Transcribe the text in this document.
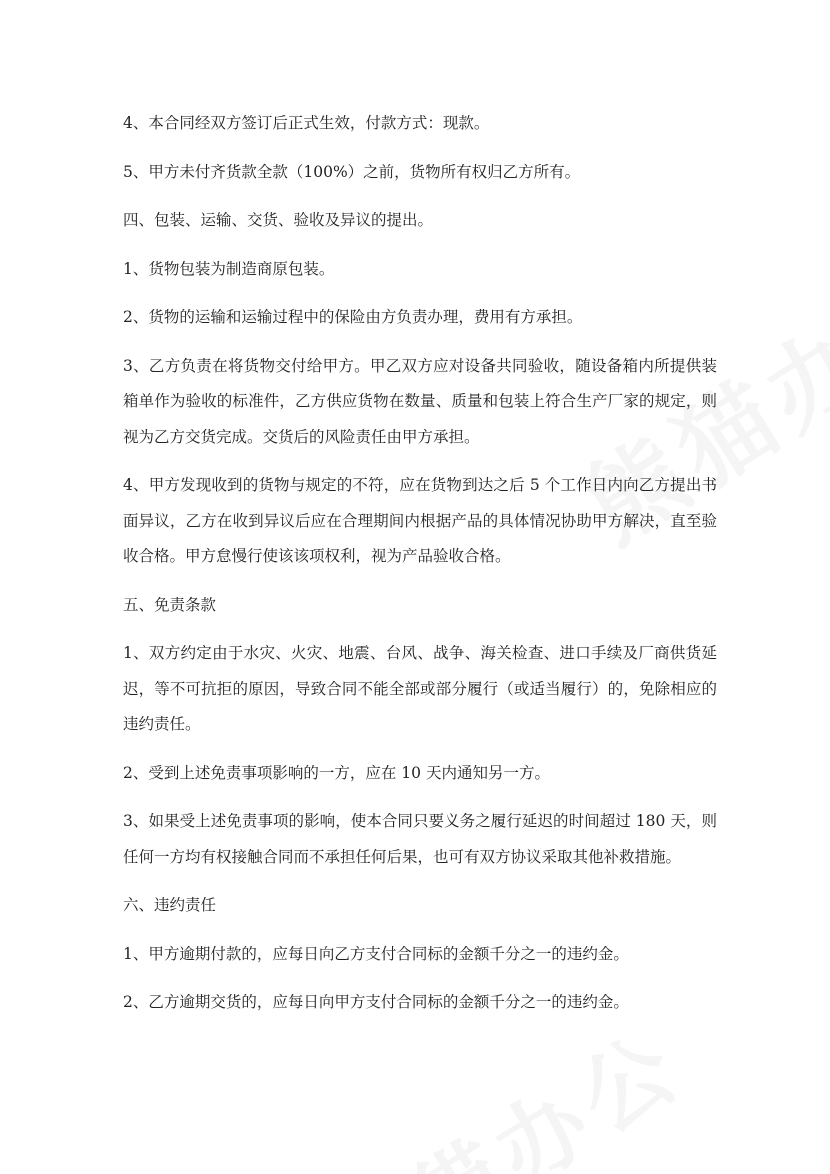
4、本合同经双方签订后正式生效，付款方式：现款。

5、甲方未付齐货款全款（100%）之前，货物所有权归乙方所有。

四、包装、运输、交货、验收及异议的提出。

1、货物包装为制造商原包装。

2、货物的运输和运输过程中的保险由方负责办理，费用有方承担。

3、乙方负责在将货物交付给甲方。甲乙双方应对设备共同验收，随设备箱内所提供装箱单作为验收的标准件，乙方供应货物在数量、质量和包装上符合生产厂家的规定，则视为乙方交货完成。交货后的风险责任由甲方承担。

4、甲方发现收到的货物与规定的不符，应在货物到达之后 5 个工作日内向乙方提出书面异议，乙方在收到异议后应在合理期间内根据产品的具体情况协助甲方解决，直至验收合格。甲方怠慢行使该该项权利，视为产品验收合格。

五、免责条款

1、双方约定由于水灾、火灾、地震、台风、战争、海关检查、进口手续及厂商供货延迟，等不可抗拒的原因，导致合同不能全部或部分履行（或适当履行）的，免除相应的违约责任。

2、受到上述免责事项影响的一方，应在 10 天内通知另一方。

3、如果受上述免责事项的影响，使本合同只要义务之履行延迟的时间超过 180 天，则任何一方均有权接触合同而不承担任何后果，也可有双方协议采取其他补救措施。

六、违约责任

1、甲方逾期付款的，应每日向乙方支付合同标的金额千分之一的违约金。

2、乙方逾期交货的，应每日向甲方支付合同标的金额千分之一的违约金。
